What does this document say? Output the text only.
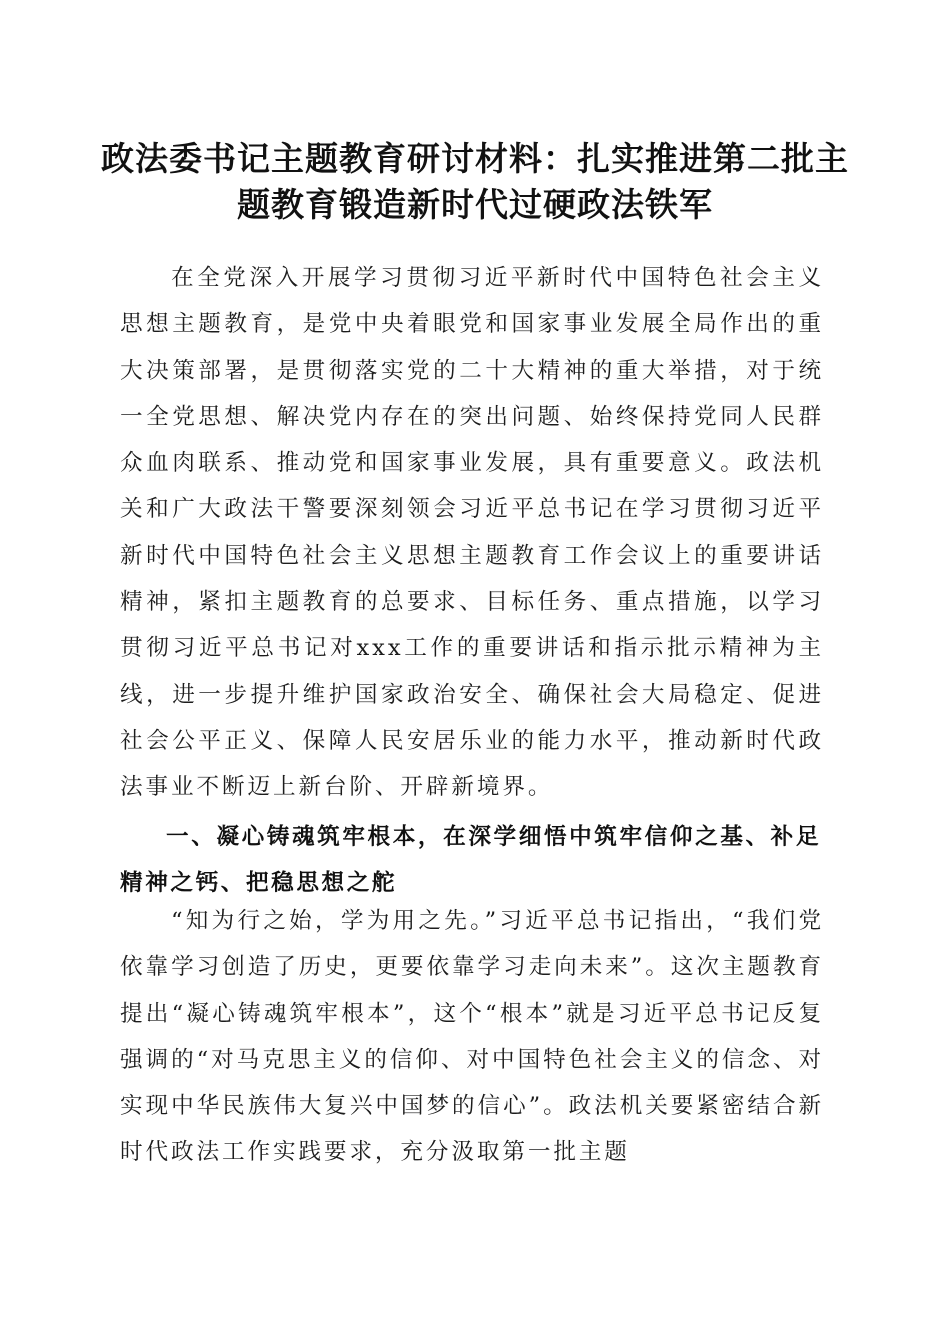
政法委书记主题教育研讨材料：扎实推进第二批主题教育锻造新时代过硬政法铁军

在全党深入开展学习贯彻习近平新时代中国特色社会主义思想主题教育，是党中央着眼党和国家事业发展全局作出的重大决策部署，是贯彻落实党的二十大精神的重大举措，对于统一全党思想、解决党内存在的突出问题、始终保持党同人民群众血肉联系、推动党和国家事业发展，具有重要意义。政法机关和广大政法干警要深刻领会习近平总书记在学习贯彻习近平新时代中国特色社会主义思想主题教育工作会议上的重要讲话精神，紧扣主题教育的总要求、目标任务、重点措施，以学习贯彻习近平总书记对xxx工作的重要讲话和指示批示精神为主线，进一步提升维护国家政治安全、确保社会大局稳定、促进社会公平正义、保障人民安居乐业的能力水平，推动新时代政法事业不断迈上新台阶、开辟新境界。

一、凝心铸魂筑牢根本，在深学细悟中筑牢信仰之基、补足精神之钙、把稳思想之舵

“知为行之始，学为用之先。”习近平总书记指出，“我们党依靠学习创造了历史，更要依靠学习走向未来”。这次主题教育提出“凝心铸魂筑牢根本”，这个“根本”就是习近平总书记反复强调的“对马克思主义的信仰、对中国特色社会主义的信念、对实现中华民族伟大复兴中国梦的信心”。政法机关要紧密结合新时代政法工作实践要求，充分汲取第一批主题
